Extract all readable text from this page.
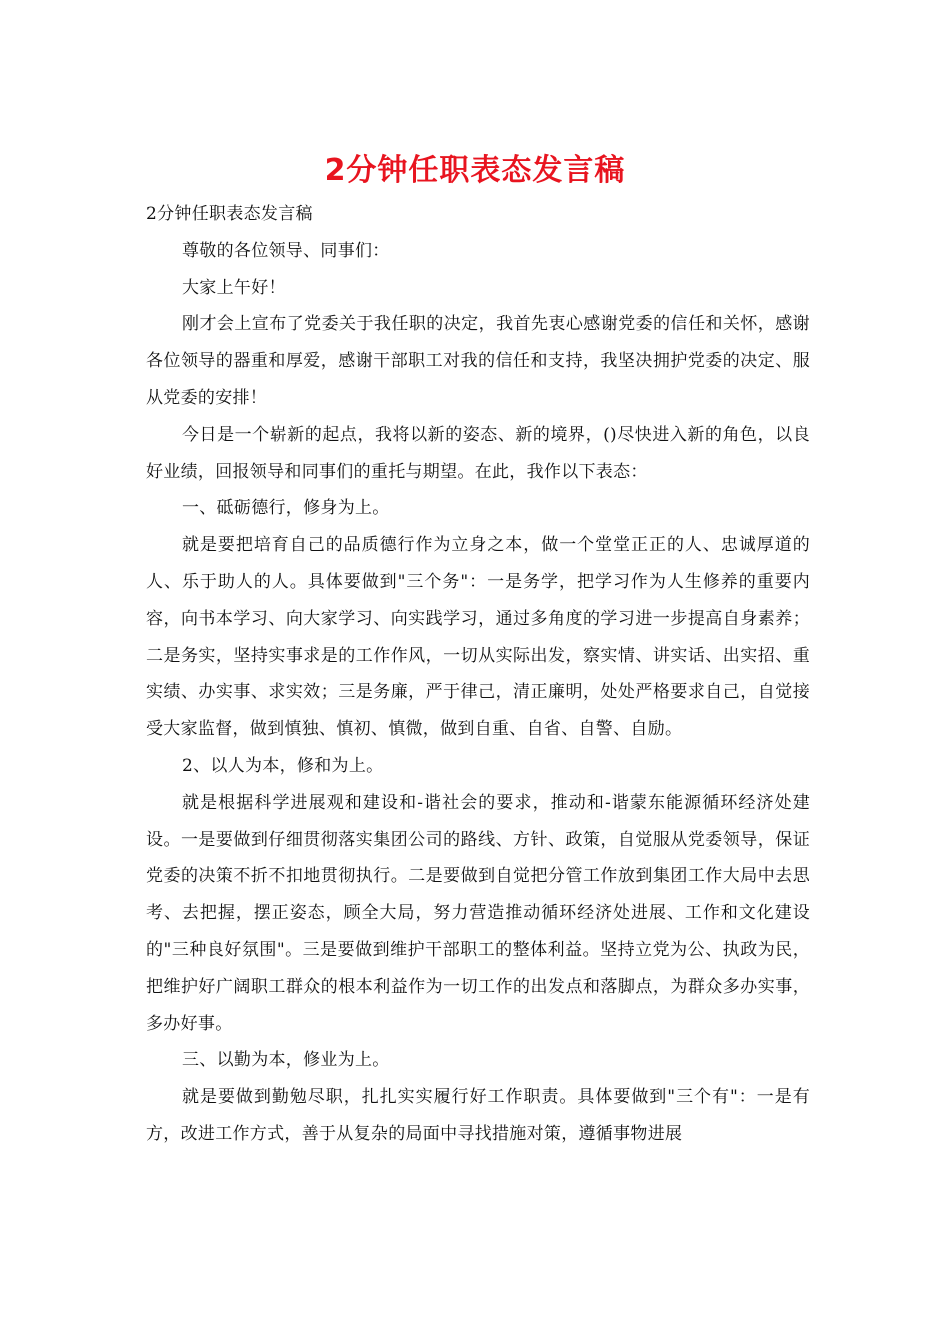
2分钟任职表态发言稿

2分钟任职表态发言稿

尊敬的各位领导、同事们：

大家上午好！

刚才会上宣布了党委关于我任职的决定，我首先衷心感谢党委的信任和关怀，感谢各位领导的器重和厚爱，感谢干部职工对我的信任和支持，我坚决拥护党委的决定、服从党委的安排！

今日是一个崭新的起点，我将以新的姿态、新的境界，()尽快进入新的角色，以良好业绩，回报领导和同事们的重托与期望。在此，我作以下表态：

一、砥砺德行，修身为上。

就是要把培育自己的品质德行作为立身之本，做一个堂堂正正的人、忠诚厚道的人、乐于助人的人。具体要做到"三个务"：一是务学，把学习作为人生修养的重要内容，向书本学习、向大家学习、向实践学习，通过多角度的学习进一步提高自身素养；二是务实，坚持实事求是的工作作风，一切从实际出发，察实情、讲实话、出实招、重实绩、办实事、求实效；三是务廉，严于律己，清正廉明，处处严格要求自己，自觉接受大家监督，做到慎独、慎初、慎微，做到自重、自省、自警、自励。

2、以人为本，修和为上。

就是根据科学进展观和建设和-谐社会的要求，推动和-谐蒙东能源循环经济处建设。一是要做到仔细贯彻落实集团公司的路线、方针、政策，自觉服从党委领导，保证党委的决策不折不扣地贯彻执行。二是要做到自觉把分管工作放到集团工作大局中去思考、去把握，摆正姿态，顾全大局，努力营造推动循环经济处进展、工作和文化建设的"三种良好氛围"。三是要做到维护干部职工的整体利益。坚持立党为公、执政为民，把维护好广阔职工群众的根本利益作为一切工作的出发点和落脚点，为群众多办实事，多办好事。

三、以勤为本，修业为上。

就是要做到勤勉尽职，扎扎实实履行好工作职责。具体要做到"三个有"：一是有方，改进工作方式，善于从复杂的局面中寻找措施对策，遵循事物进展
